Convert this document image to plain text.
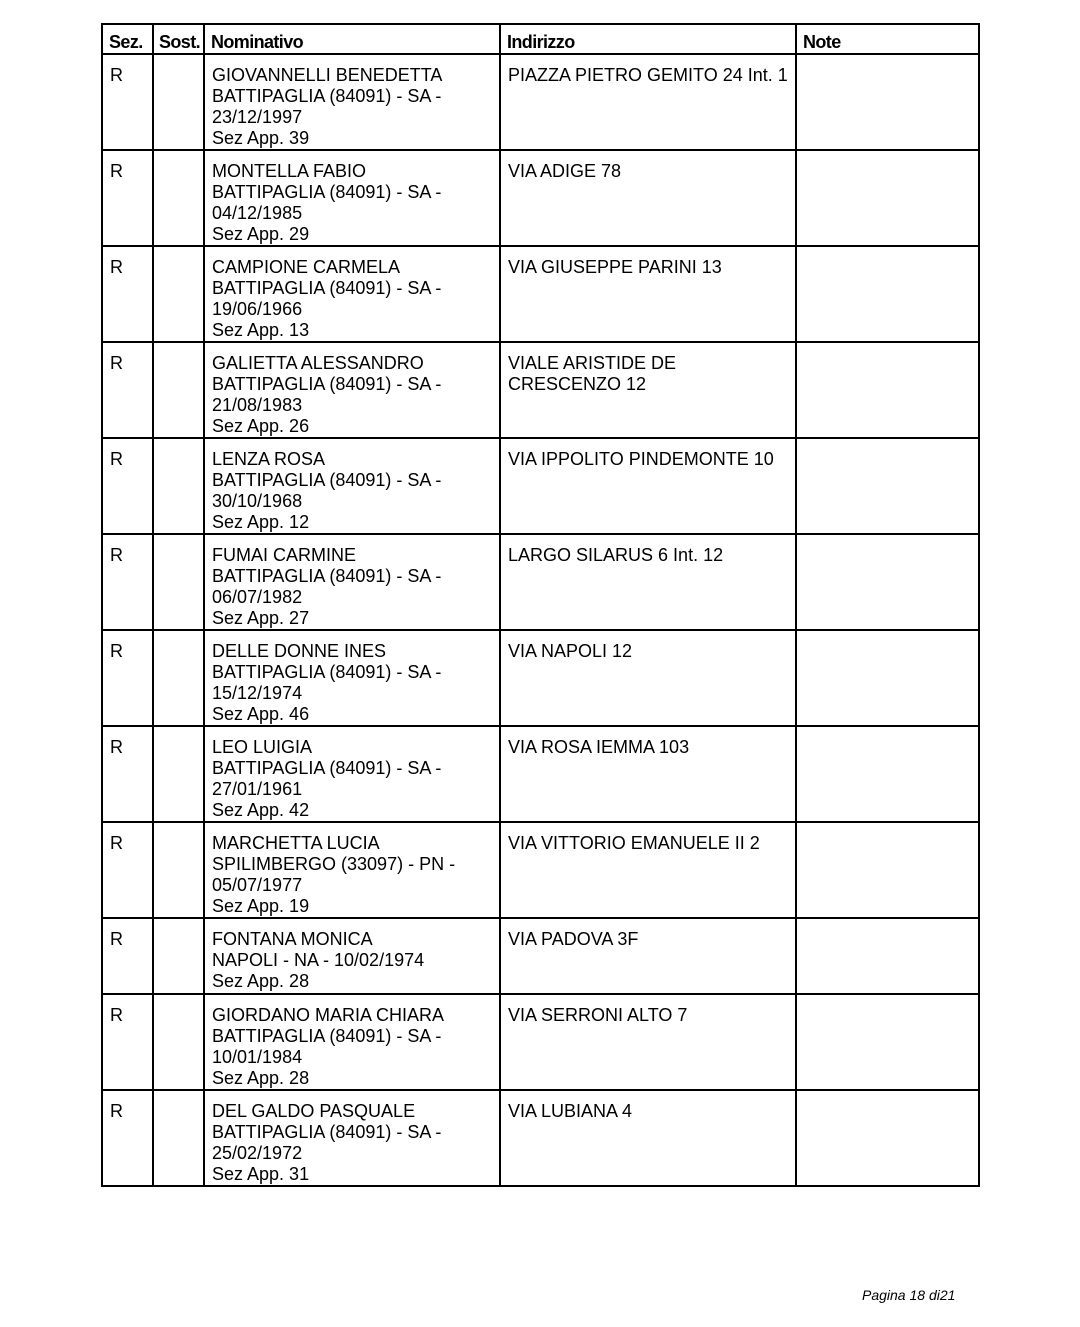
Sez.	Sost.	Nominativo	Indirizzo	Note
R		GIOVANNELLI BENEDETTA
BATTIPAGLIA (84091) - SA -
23/12/1997
Sez App. 39	PIAZZA PIETRO GEMITO 24 Int. 1	

R		MONTELLA FABIO
BATTIPAGLIA (84091) - SA -
04/12/1985
Sez App. 29	VIA ADIGE 78	

R		CAMPIONE CARMELA
BATTIPAGLIA (84091) - SA -
19/06/1966
Sez App. 13	VIA GIUSEPPE PARINI 13	

R		GALIETTA ALESSANDRO
BATTIPAGLIA (84091) - SA -
21/08/1983
Sez App. 26	VIALE ARISTIDE DE
CRESCENZO 12	

R		LENZA ROSA
BATTIPAGLIA (84091) - SA -
30/10/1968
Sez App. 12	VIA IPPOLITO PINDEMONTE 10	

R		FUMAI CARMINE
BATTIPAGLIA (84091) - SA -
06/07/1982
Sez App. 27	LARGO SILARUS 6 Int. 12	

R		DELLE DONNE INES
BATTIPAGLIA (84091) - SA -
15/12/1974
Sez App. 46	VIA NAPOLI 12	

R		LEO LUIGIA
BATTIPAGLIA (84091) - SA -
27/01/1961
Sez App. 42	VIA ROSA IEMMA 103	

R		MARCHETTA LUCIA
SPILIMBERGO (33097) - PN -
05/07/1977
Sez App. 19	VIA VITTORIO EMANUELE II 2	

R		FONTANA MONICA
NAPOLI - NA - 10/02/1974
Sez App. 28	VIA PADOVA 3F	

R		GIORDANO MARIA CHIARA
BATTIPAGLIA (84091) - SA -
10/01/1984
Sez App. 28	VIA SERRONI ALTO 7	

R		DEL GALDO PASQUALE
BATTIPAGLIA (84091) - SA -
25/02/1972
Sez App. 31	VIA LUBIANA 4	

Pagina 18 di21
